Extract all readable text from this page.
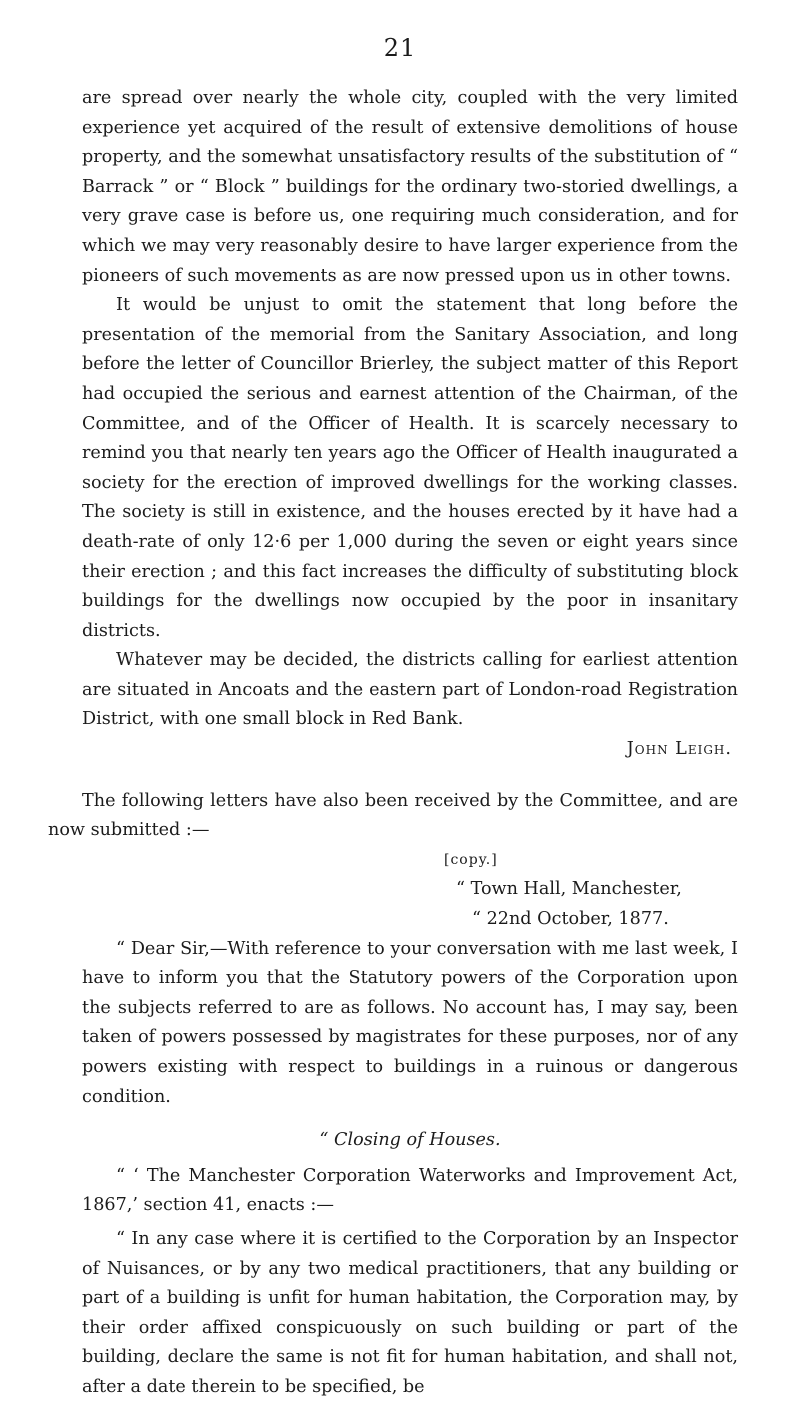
21

are spread over nearly the whole city, coupled with the very limited experience yet acquired of the result of extensive demolitions of house property, and the somewhat unsatisfactory results of the substitution of “ Barrack ” or “ Block ” buildings for the ordinary two-storied dwellings, a very grave case is before us, one requiring much consideration, and for which we may very reasonably desire to have larger experience from the pioneers of such movements as are now pressed upon us in other towns.

It would be unjust to omit the statement that long before the presentation of the memorial from the Sanitary Association, and long before the letter of Councillor Brierley, the subject matter of this Report had occupied the serious and earnest attention of the Chairman, of the Committee, and of the Officer of Health. It is scarcely necessary to remind you that nearly ten years ago the Officer of Health inaugurated a society for the erection of improved dwellings for the working classes. The society is still in existence, and the houses erected by it have had a death-rate of only 12·6 per 1,000 during the seven or eight years since their erection ; and this fact increases the difficulty of substituting block buildings for the dwellings now occupied by the poor in insanitary districts.

Whatever may be decided, the districts calling for earliest attention are situated in Ancoats and the eastern part of London-road Registration District, with one small block in Red Bank.

John Leigh.

The following letters have also been received by the Committee, and are now submitted :—

[copy.]

“ Town Hall, Manchester,

“ 22nd October, 1877.

“ Dear Sir,—With reference to your conversation with me last week, I have to inform you that the Statutory powers of the Corporation upon the subjects referred to are as follows. No account has, I may say, been taken of powers possessed by magistrates for these purposes, nor of any powers existing with respect to buildings in a ruinous or dangerous condition.

“ Closing of Houses.

“ ‘ The Manchester Corporation Waterworks and Improvement Act, 1867,’ section 41, enacts :—

“ In any case where it is certified to the Corporation by an Inspector of Nuisances, or by any two medical practitioners, that any building or part of a building is unfit for human habitation, the Corporation may, by their order affixed conspicuously on such building or part of the building, declare the same is not fit for human habitation, and shall not, after a date therein to be specified, be
